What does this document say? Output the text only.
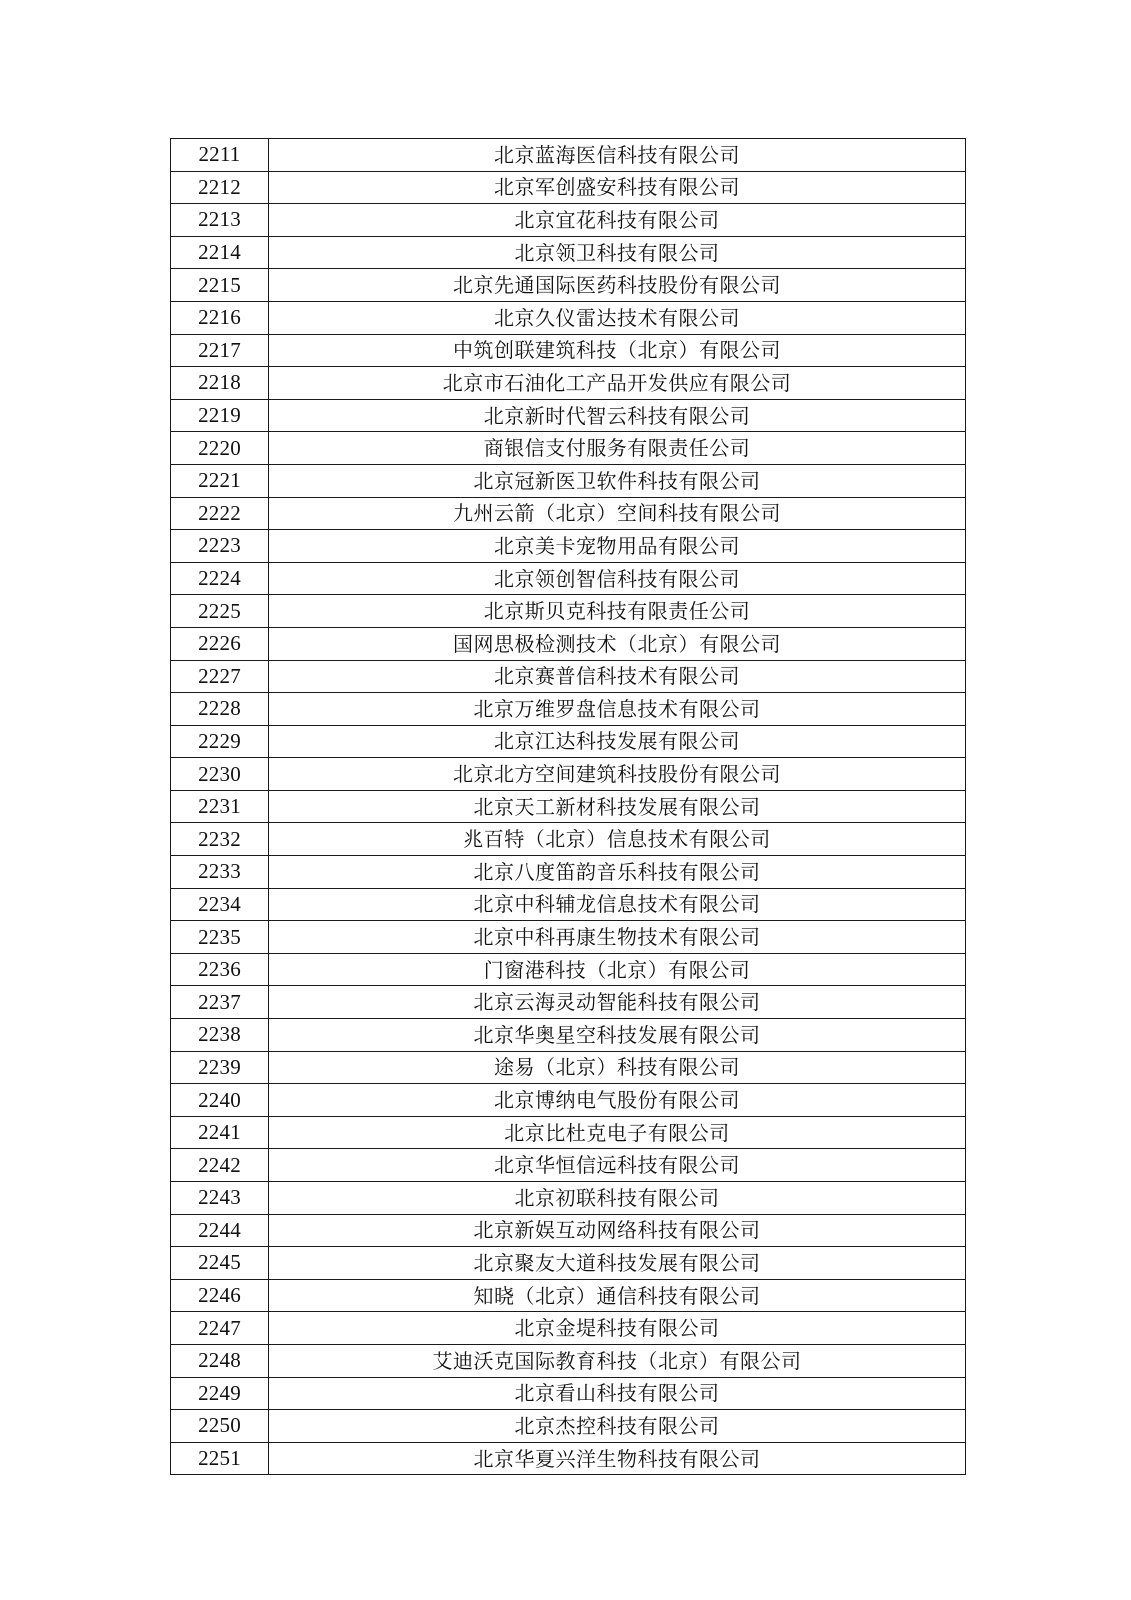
2211	北京蓝海医信科技有限公司
2212	北京军创盛安科技有限公司
2213	北京宜花科技有限公司
2214	北京领卫科技有限公司
2215	北京先通国际医药科技股份有限公司
2216	北京久仪雷达技术有限公司
2217	中筑创联建筑科技（北京）有限公司
2218	北京市石油化工产品开发供应有限公司
2219	北京新时代智云科技有限公司
2220	商银信支付服务有限责任公司
2221	北京冠新医卫软件科技有限公司
2222	九州云箭（北京）空间科技有限公司
2223	北京美卡宠物用品有限公司
2224	北京领创智信科技有限公司
2225	北京斯贝克科技有限责任公司
2226	国网思极检测技术（北京）有限公司
2227	北京赛普信科技术有限公司
2228	北京万维罗盘信息技术有限公司
2229	北京江达科技发展有限公司
2230	北京北方空间建筑科技股份有限公司
2231	北京天工新材科技发展有限公司
2232	兆百特（北京）信息技术有限公司
2233	北京八度笛韵音乐科技有限公司
2234	北京中科辅龙信息技术有限公司
2235	北京中科再康生物技术有限公司
2236	门窗港科技（北京）有限公司
2237	北京云海灵动智能科技有限公司
2238	北京华奥星空科技发展有限公司
2239	途易（北京）科技有限公司
2240	北京博纳电气股份有限公司
2241	北京比杜克电子有限公司
2242	北京华恒信远科技有限公司
2243	北京初联科技有限公司
2244	北京新娱互动网络科技有限公司
2245	北京聚友大道科技发展有限公司
2246	知晓（北京）通信科技有限公司
2247	北京金堤科技有限公司
2248	艾迪沃克国际教育科技（北京）有限公司
2249	北京看山科技有限公司
2250	北京杰控科技有限公司
2251	北京华夏兴洋生物科技有限公司
